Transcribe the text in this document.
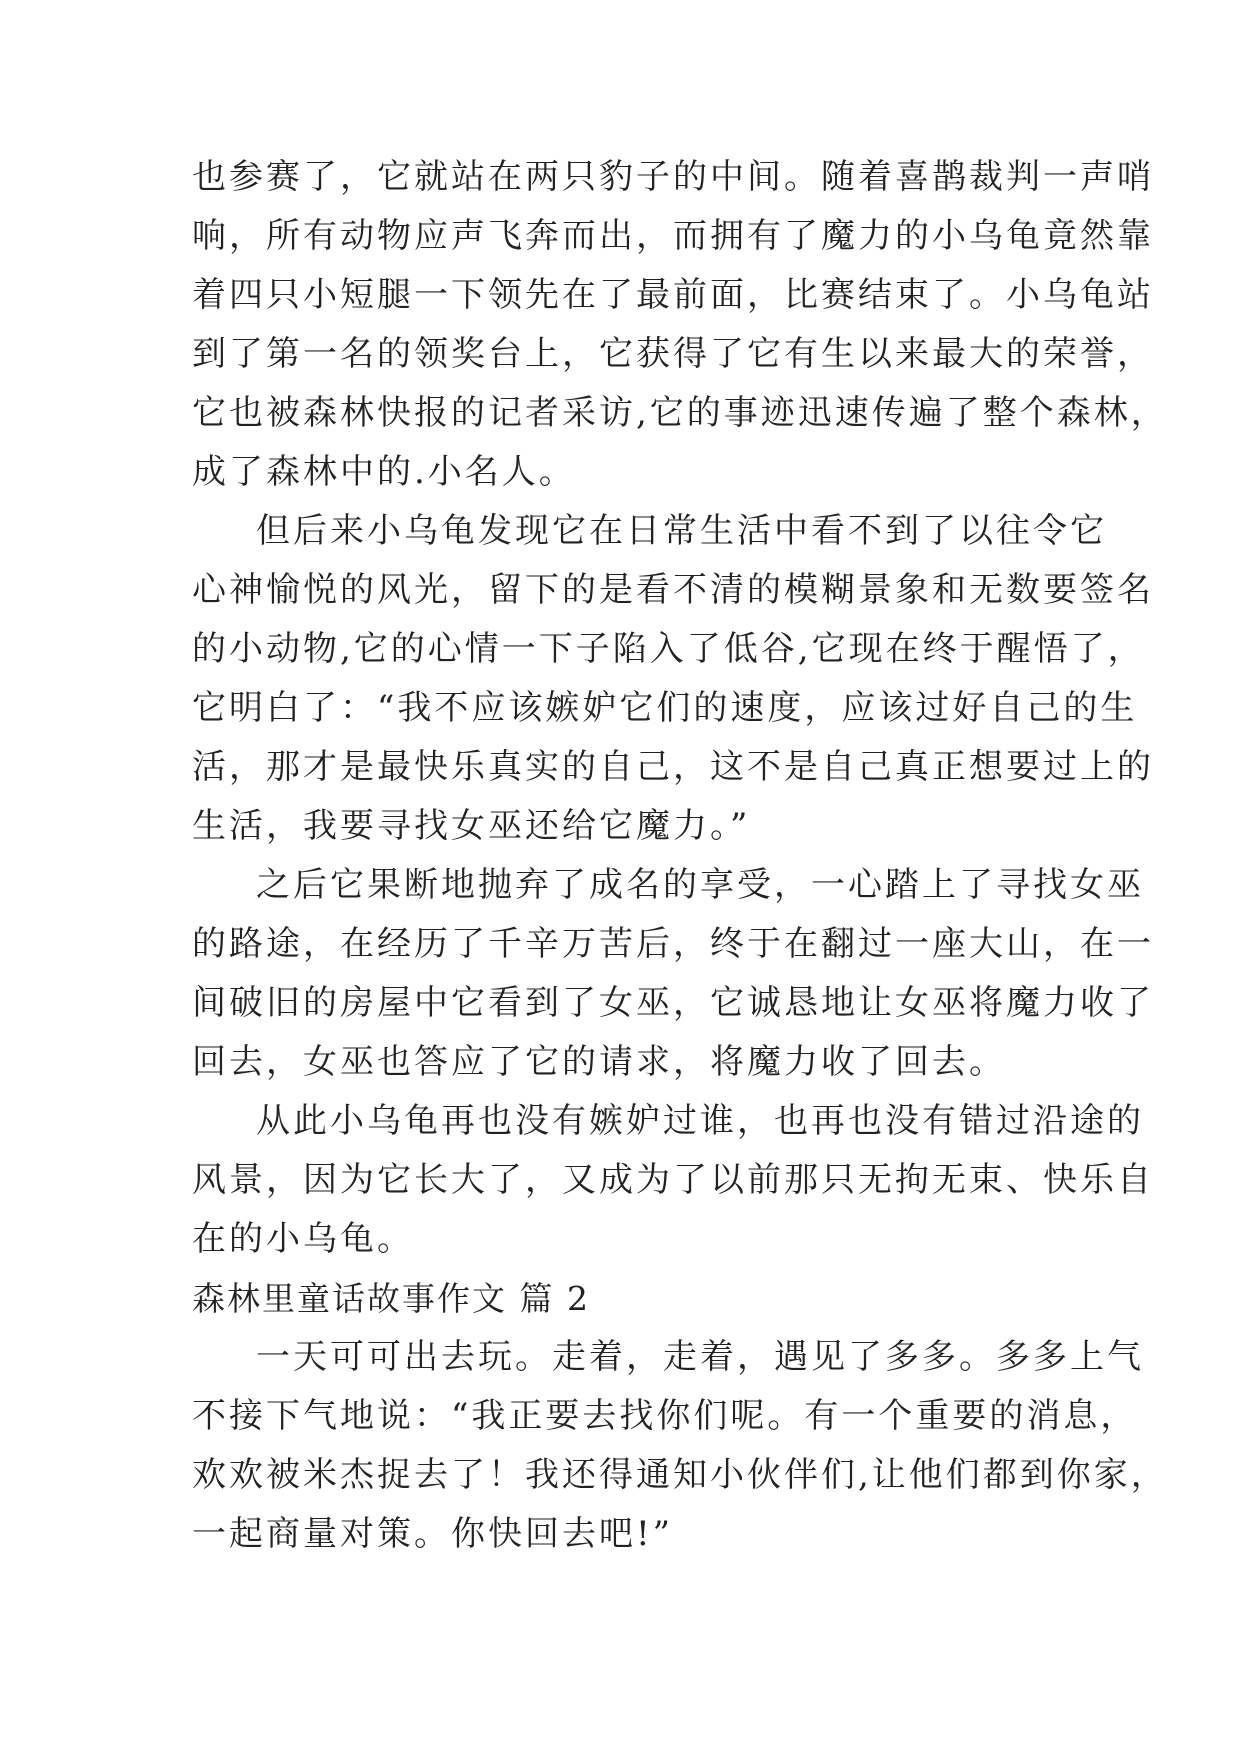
也参赛了，它就站在两只豹子的中间。随着喜鹊裁判一声哨
响，所有动物应声飞奔而出，而拥有了魔力的小乌龟竟然靠
着四只小短腿一下领先在了最前面，比赛结束了。小乌龟站
到了第一名的领奖台上，它获得了它有生以来最大的荣誉，
它也被森林快报的记者采访,它的事迹迅速传遍了整个森林，
成了森林中的.小名人。
但后来小乌龟发现它在日常生活中看不到了以往令它
心神愉悦的风光，留下的是看不清的模糊景象和无数要签名
的小动物,它的心情一下子陷入了低谷,它现在终于醒悟了，
它明白了：“我不应该嫉妒它们的速度，应该过好自己的生
活，那才是最快乐真实的自己，这不是自己真正想要过上的
生活，我要寻找女巫还给它魔力。”
之后它果断地抛弃了成名的享受，一心踏上了寻找女巫
的路途，在经历了千辛万苦后，终于在翻过一座大山，在一
间破旧的房屋中它看到了女巫，它诚恳地让女巫将魔力收了
回去，女巫也答应了它的请求，将魔力收了回去。
从此小乌龟再也没有嫉妒过谁，也再也没有错过沿途的
风景，因为它长大了，又成为了以前那只无拘无束、快乐自
在的小乌龟。
森林里童话故事作文 篇 2
一天可可出去玩。走着，走着，遇见了多多。多多上气
不接下气地说：“我正要去找你们呢。有一个重要的消息，
欢欢被米杰捉去了！我还得通知小伙伴们,让他们都到你家，
一起商量对策。你快回去吧!”
